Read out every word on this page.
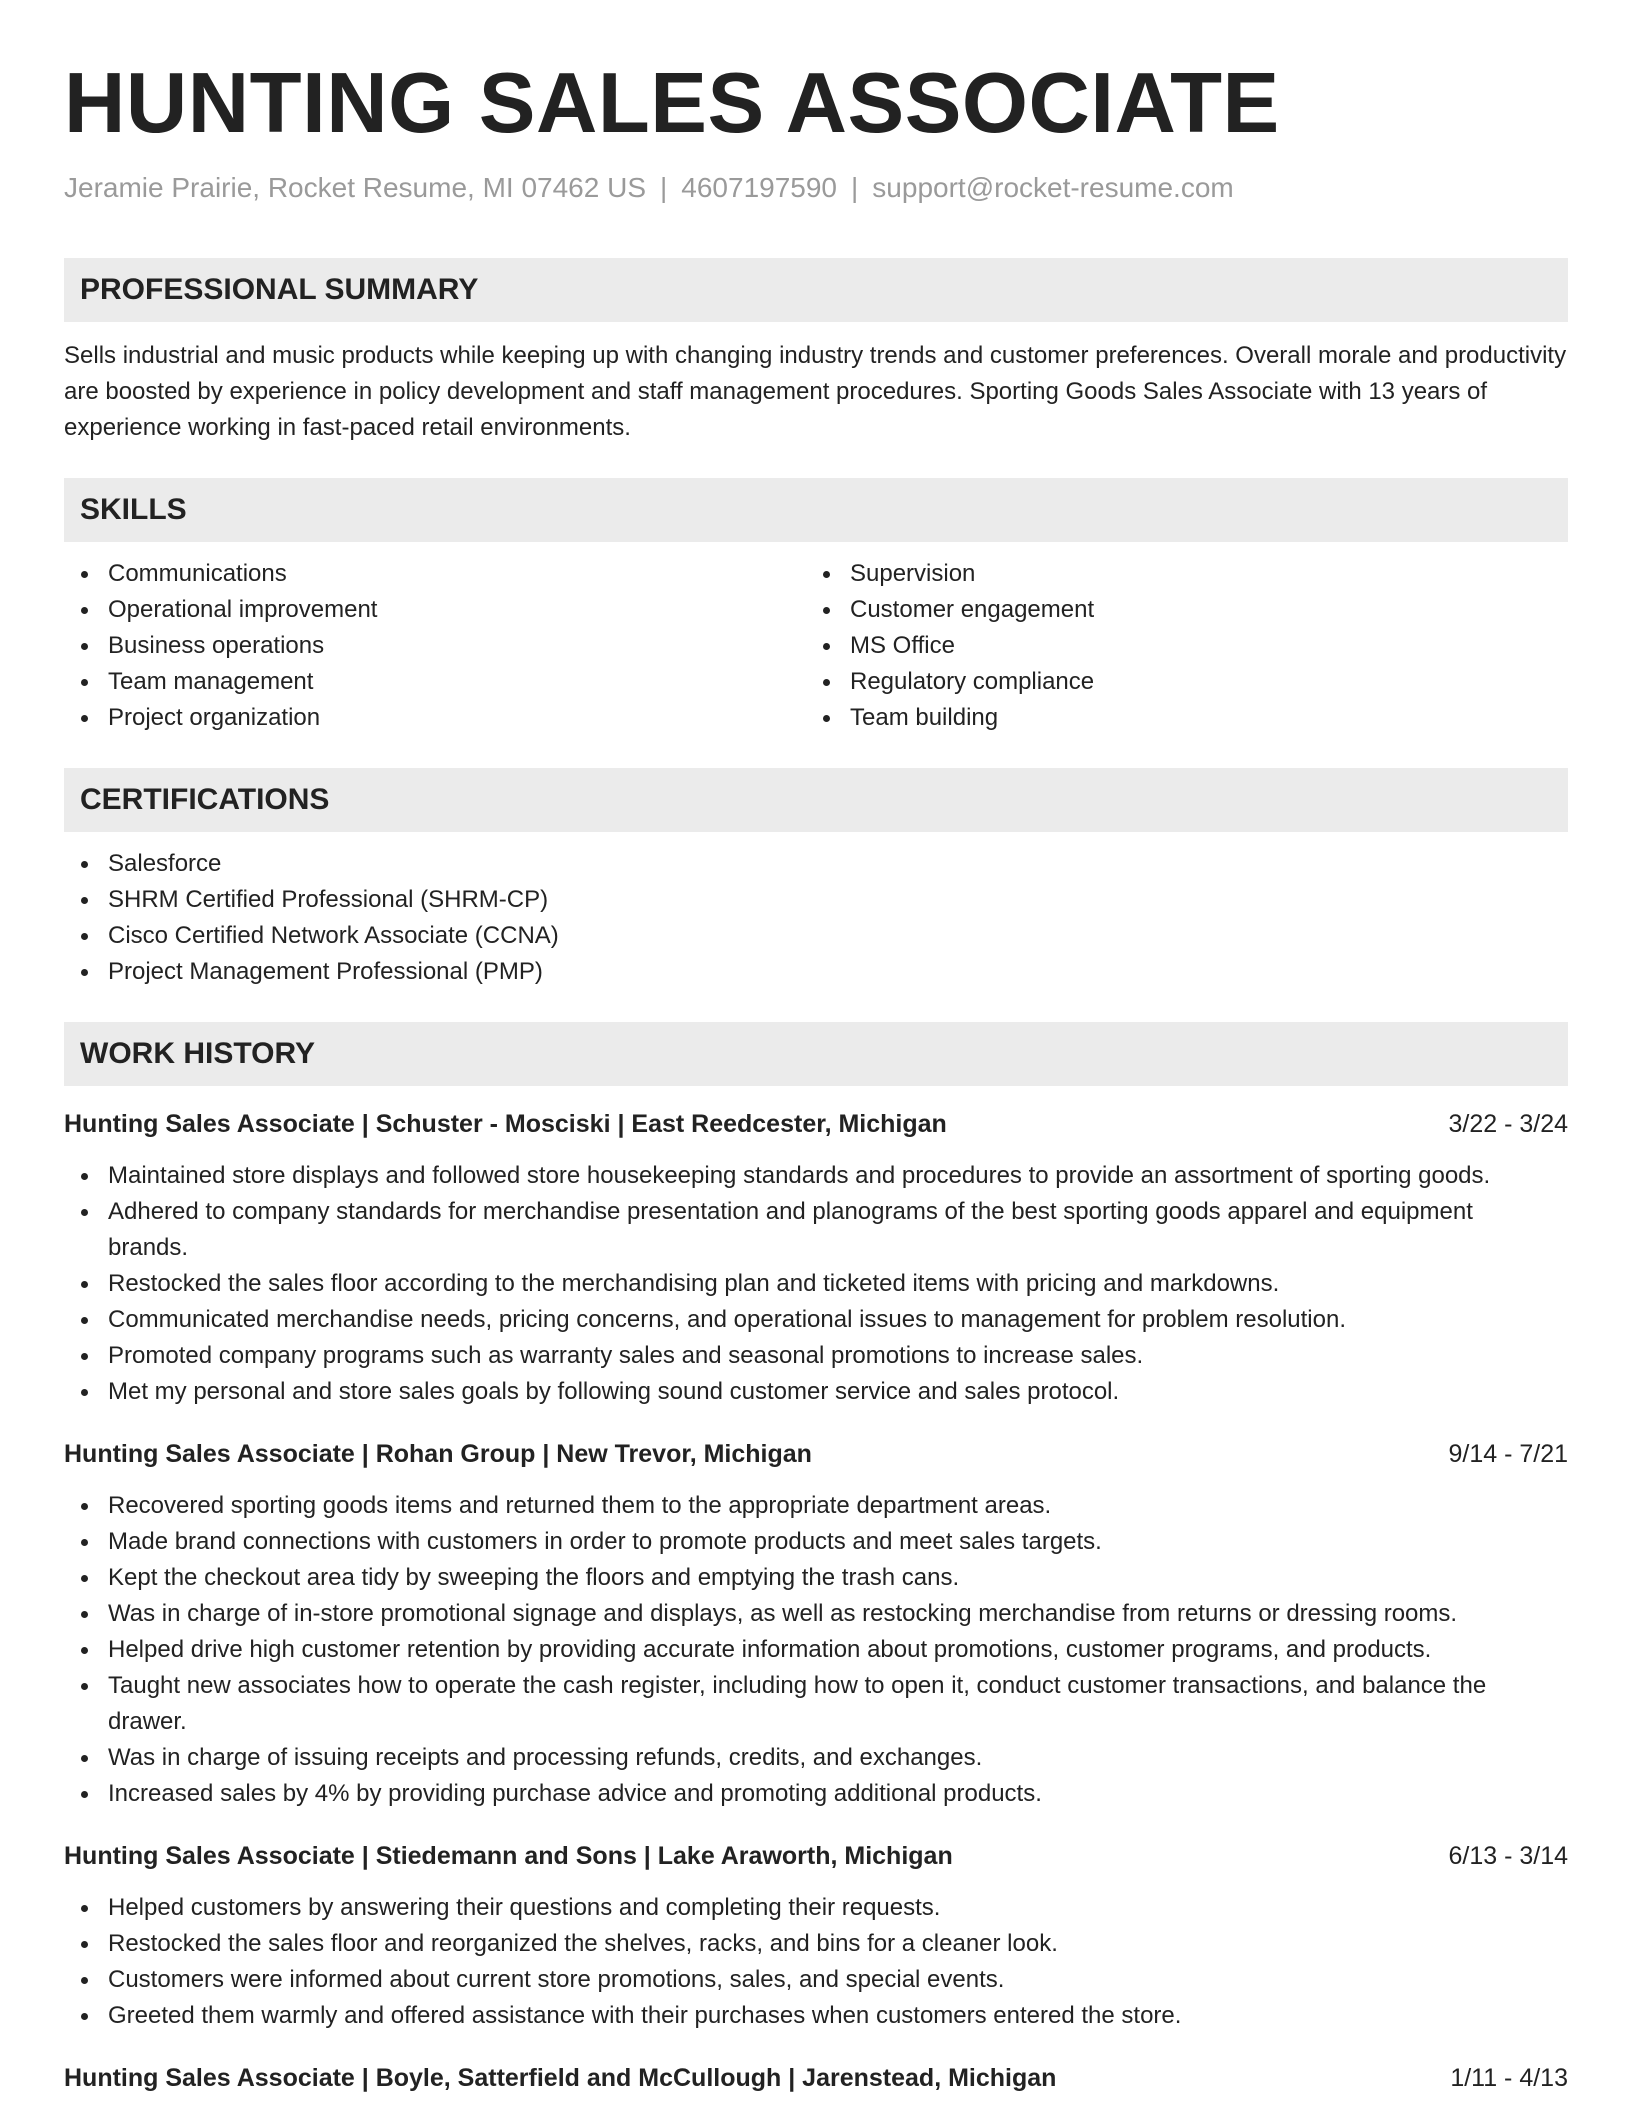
HUNTING SALES ASSOCIATE
Jeramie Prairie, Rocket Resume, MI 07462 US | 4607197590 | support@rocket-resume.com
PROFESSIONAL SUMMARY
Sells industrial and music products while keeping up with changing industry trends and customer preferences. Overall morale and productivity are boosted by experience in policy development and staff management procedures. Sporting Goods Sales Associate with 13 years of experience working in fast-paced retail environments.
SKILLS
Communications
Operational improvement
Business operations
Team management
Project organization
Supervision
Customer engagement
MS Office
Regulatory compliance
Team building
CERTIFICATIONS
Salesforce
SHRM Certified Professional (SHRM-CP)
Cisco Certified Network Associate (CCNA)
Project Management Professional (PMP)
WORK HISTORY
Hunting Sales Associate | Schuster - Mosciski | East Reedcester, Michigan	3/22 - 3/24
Maintained store displays and followed store housekeeping standards and procedures to provide an assortment of sporting goods.
Adhered to company standards for merchandise presentation and planograms of the best sporting goods apparel and equipment brands.
Restocked the sales floor according to the merchandising plan and ticketed items with pricing and markdowns.
Communicated merchandise needs, pricing concerns, and operational issues to management for problem resolution.
Promoted company programs such as warranty sales and seasonal promotions to increase sales.
Met my personal and store sales goals by following sound customer service and sales protocol.
Hunting Sales Associate | Rohan Group | New Trevor, Michigan	9/14 - 7/21
Recovered sporting goods items and returned them to the appropriate department areas.
Made brand connections with customers in order to promote products and meet sales targets.
Kept the checkout area tidy by sweeping the floors and emptying the trash cans.
Was in charge of in-store promotional signage and displays, as well as restocking merchandise from returns or dressing rooms.
Helped drive high customer retention by providing accurate information about promotions, customer programs, and products.
Taught new associates how to operate the cash register, including how to open it, conduct customer transactions, and balance the drawer.
Was in charge of issuing receipts and processing refunds, credits, and exchanges.
Increased sales by 4% by providing purchase advice and promoting additional products.
Hunting Sales Associate | Stiedemann and Sons | Lake Araworth, Michigan	6/13 - 3/14
Helped customers by answering their questions and completing their requests.
Restocked the sales floor and reorganized the shelves, racks, and bins for a cleaner look.
Customers were informed about current store promotions, sales, and special events.
Greeted them warmly and offered assistance with their purchases when customers entered the store.
Hunting Sales Associate | Boyle, Satterfield and McCullough | Jarenstead, Michigan	1/11 - 4/13
